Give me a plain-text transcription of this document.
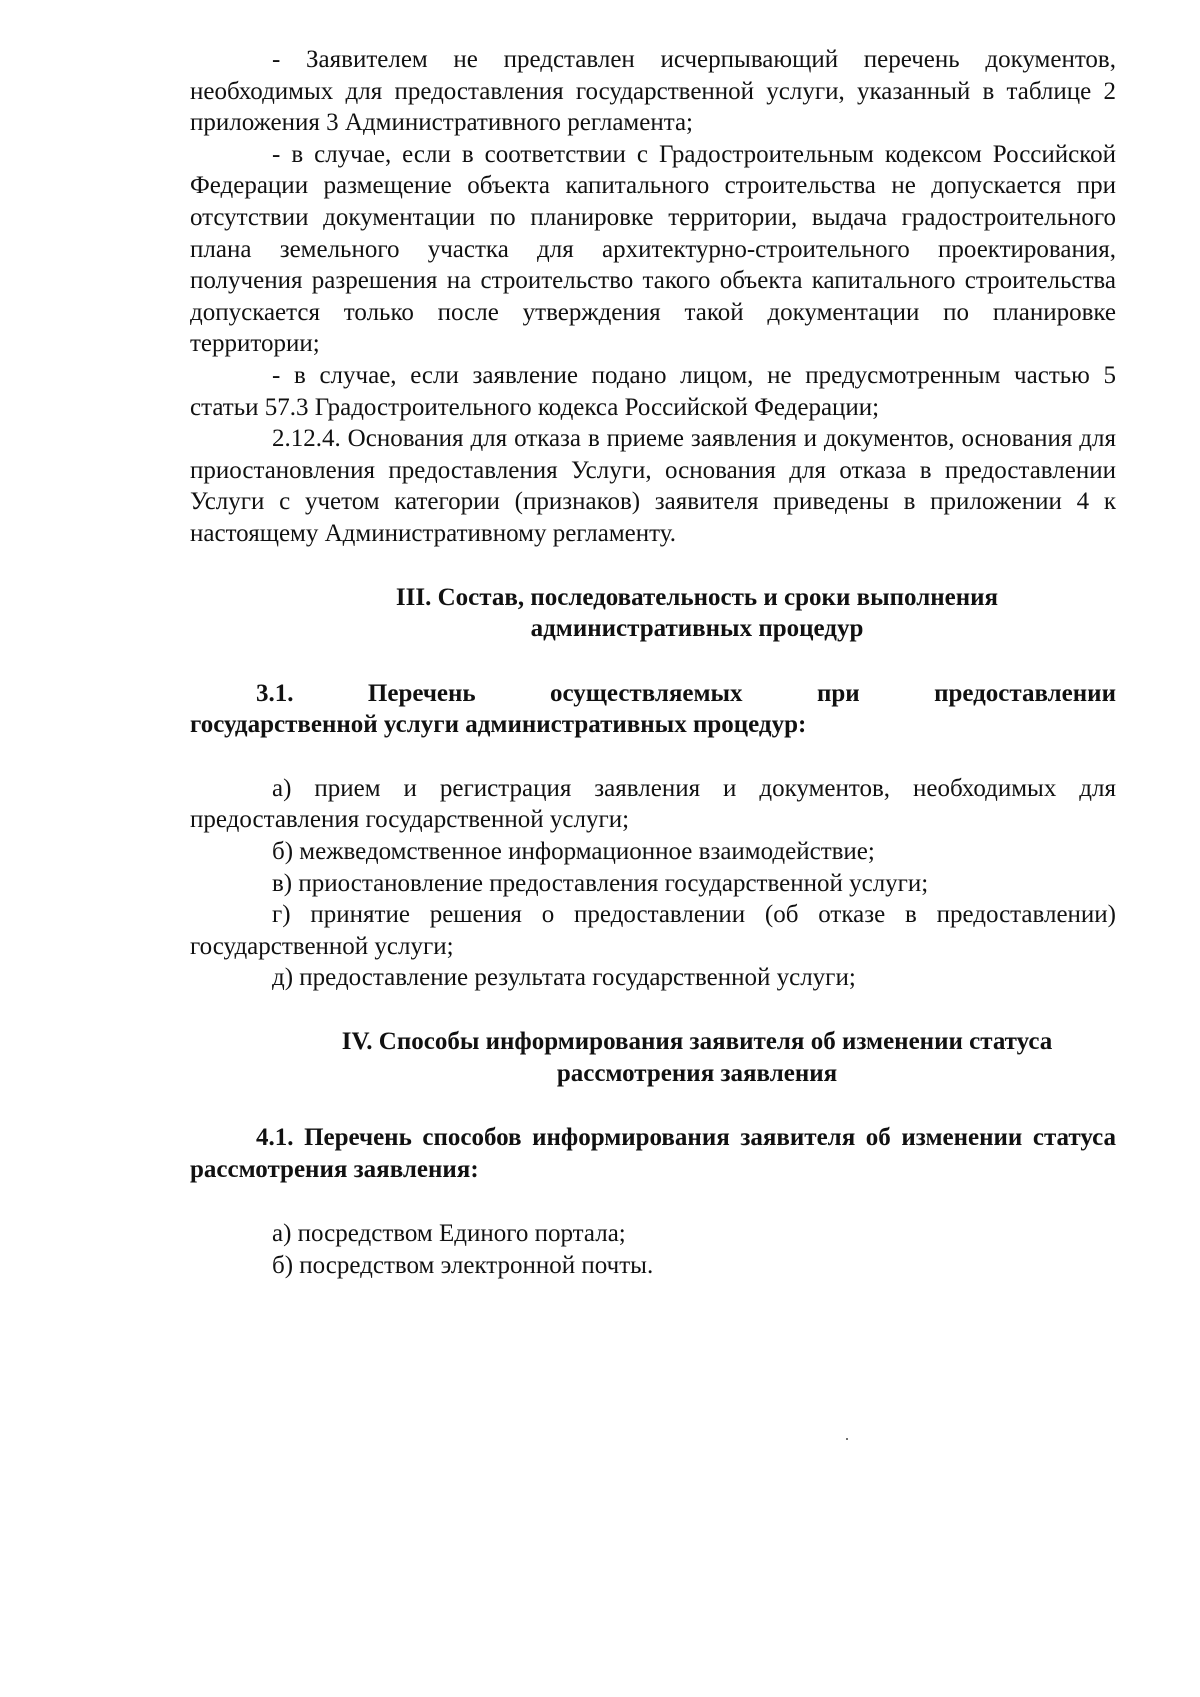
- Заявителем не представлен исчерпывающий перечень документов, необходимых для предоставления государственной услуги, указанный в таблице 2 приложения 3 Административного регламента;

- в случае, если в соответствии с Градостроительным кодексом Российской Федерации размещение объекта капитального строительства не допускается при отсутствии документации по планировке территории, выдача градостроительного плана земельного участка для архитектурно-строительного проектирования, получения разрешения на строительство такого объекта капитального строительства допускается только после утверждения такой документации по планировке территории;

- в случае, если заявление подано лицом, не предусмотренным частью 5 статьи 57.3 Градостроительного кодекса Российской Федерации;

2.12.4. Основания для отказа в приеме заявления и документов, основания для приостановления предоставления Услуги, основания для отказа в предоставлении Услуги с учетом категории (признаков) заявителя приведены в приложении 4 к настоящему Административному регламенту.

III. Состав, последовательность и сроки выполнения

административных процедур

3.1.        Перечень        осуществляемых        при        предоставлении государственной услуги административных процедур:

а) прием и регистрация заявления и документов, необходимых для предоставления государственной услуги;

б) межведомственное информационное взаимодействие;

в) приостановление предоставления государственной услуги;

г) принятие решения о предоставлении (об отказе в предоставлении) государственной услуги;

д) предоставление результата государственной услуги;

IV. Способы информирования заявителя об изменении статуса

рассмотрения заявления

4.1. Перечень способов информирования заявителя об изменении статуса рассмотрения заявления:

а) посредством Единого портала;

б) посредством электронной почты.
